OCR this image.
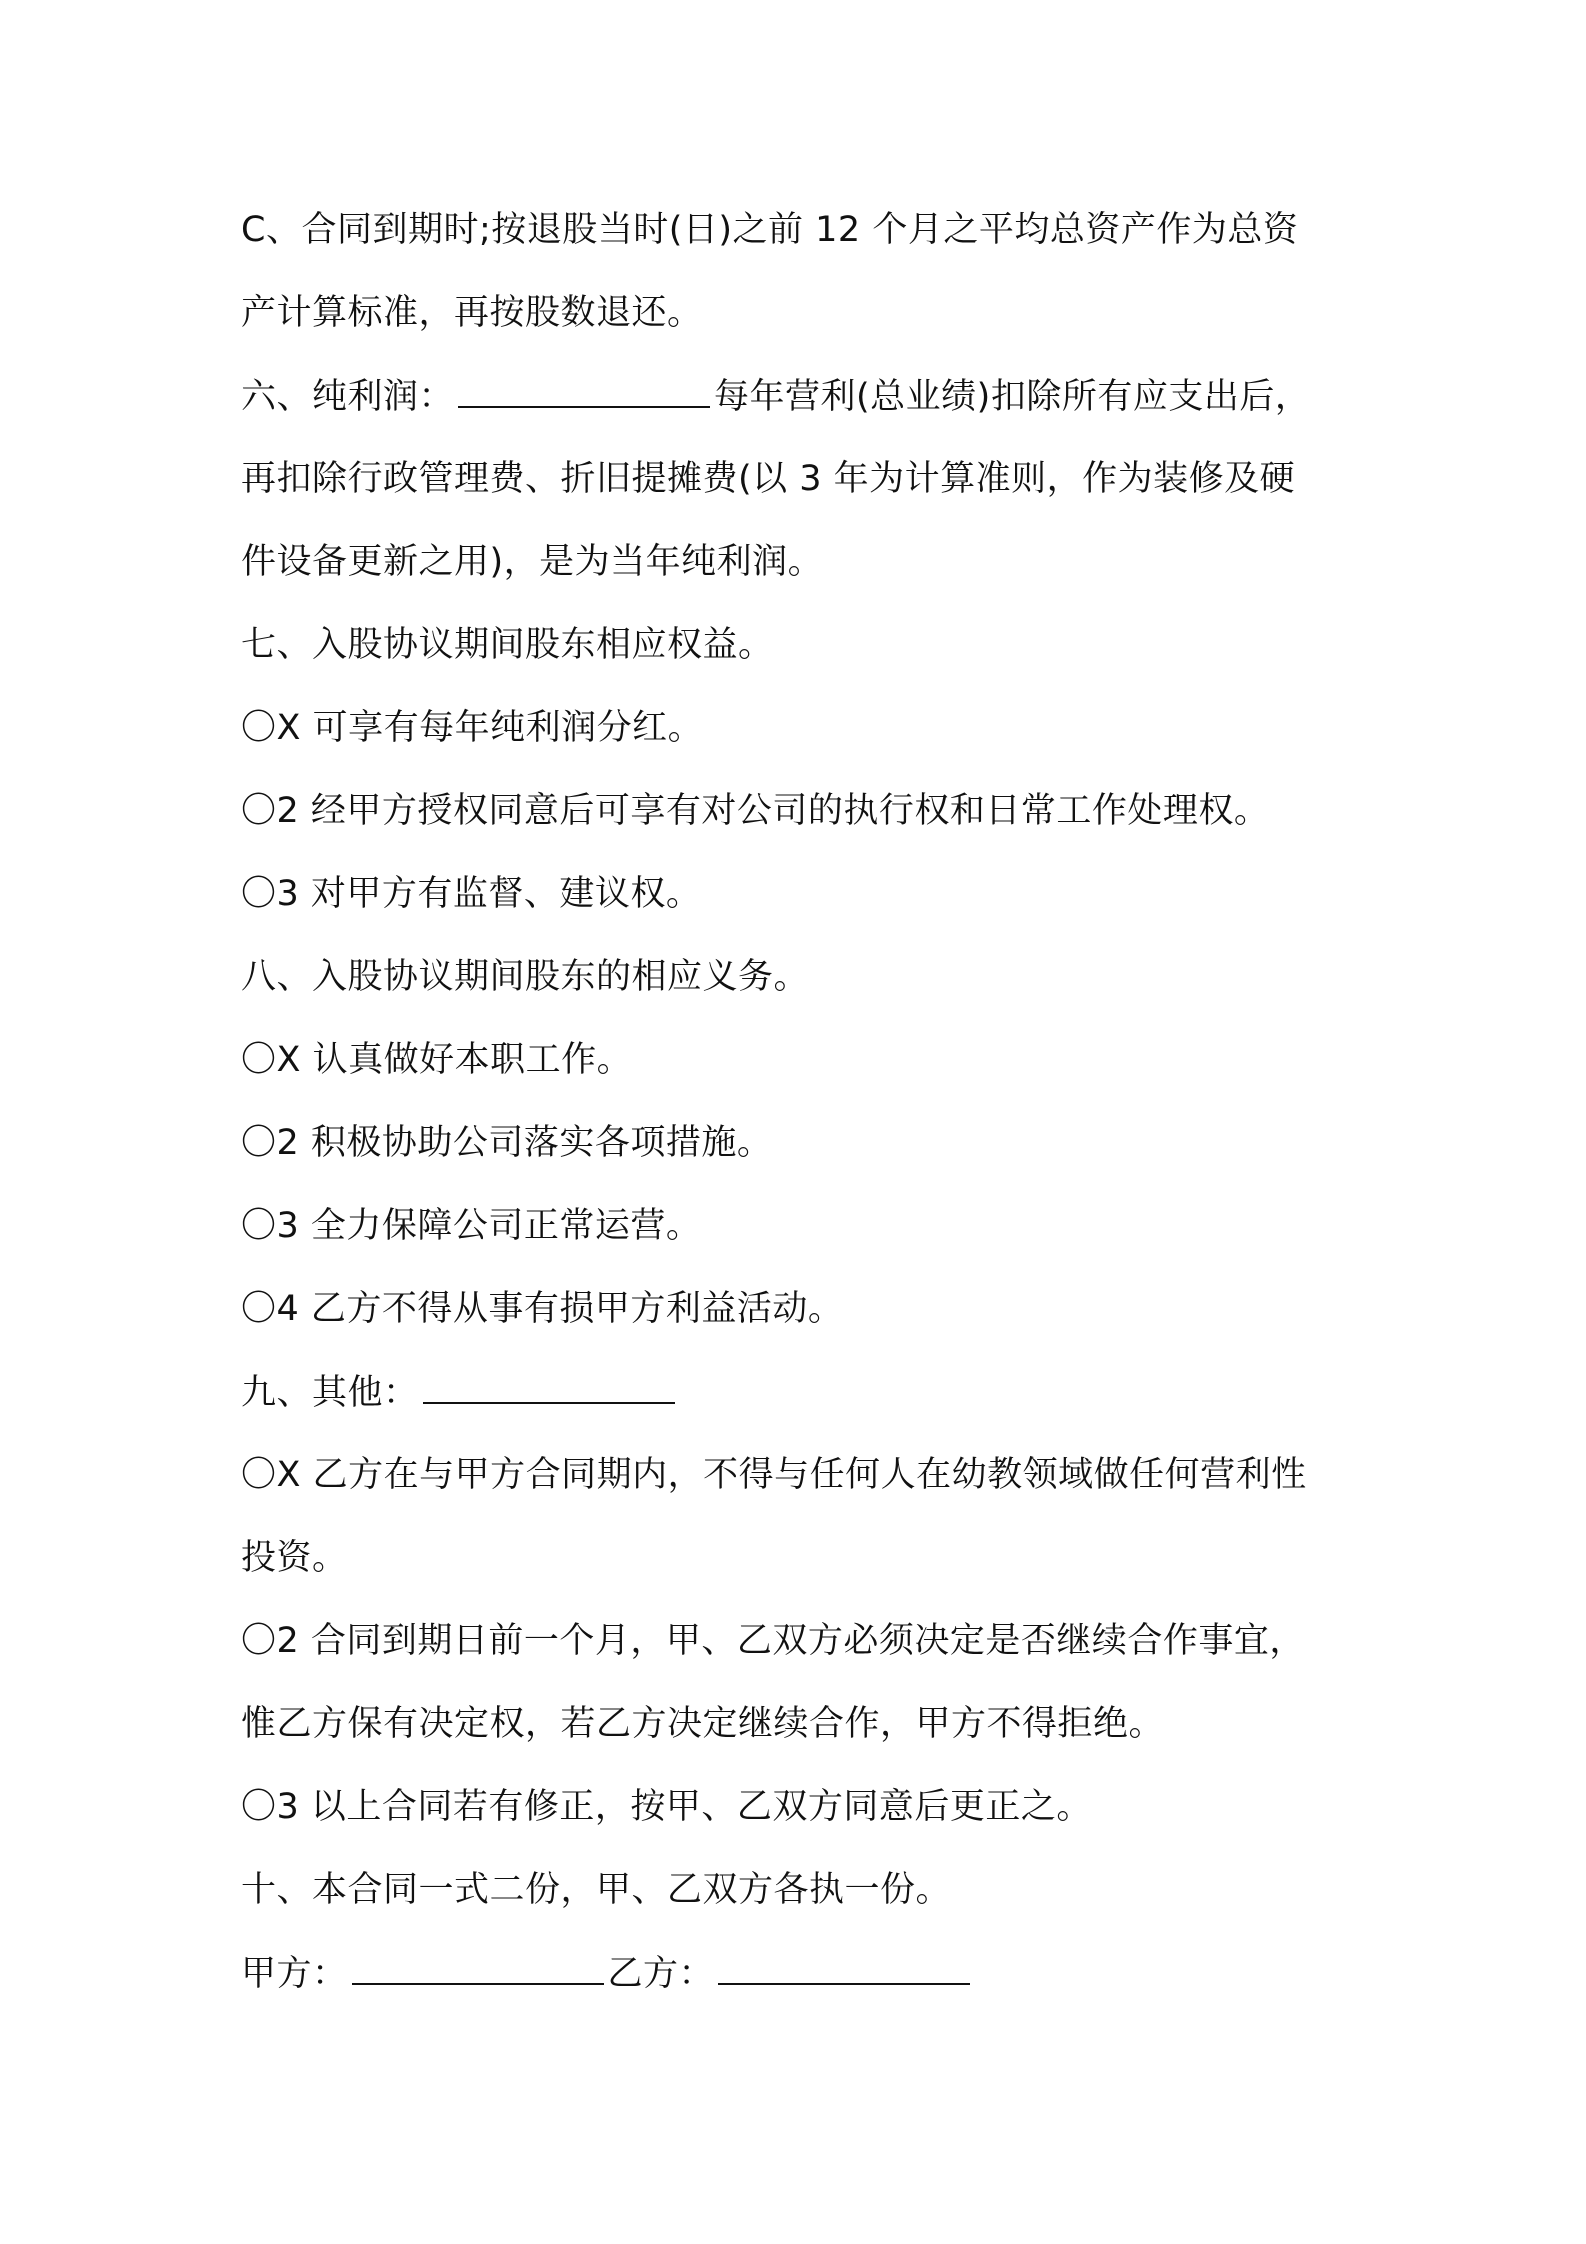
C、合同到期时;按退股当时(日)之前 12 个月之平均总资产作为总资
产计算标准，再按股数退还。
六、纯利润：	每年营利(总业绩)扣除所有应支出后，
再扣除行政管理费、折旧提摊费(以 3 年为计算准则，作为装修及硬
件设备更新之用)，是为当年纯利润。
七、入股协议期间股东相应权益。
〇X 可享有每年纯利润分红。
〇2 经甲方授权同意后可享有对公司的执行权和日常工作处理权。
〇3 对甲方有监督、建议权。
八、入股协议期间股东的相应义务。
〇X 认真做好本职工作。
〇2 积极协助公司落实各项措施。
〇3 全力保障公司正常运营。
〇4 乙方不得从事有损甲方利益活动。
九、其他：
〇X 乙方在与甲方合同期内，不得与任何人在幼教领域做任何营利性
投资。
〇2 合同到期日前一个月，甲、乙双方必须决定是否继续合作事宜，
惟乙方保有决定权，若乙方决定继续合作，甲方不得拒绝。
〇3 以上合同若有修正，按甲、乙双方同意后更正之。
十、本合同一式二份，甲、乙双方各执一份。
甲方：	乙方：
